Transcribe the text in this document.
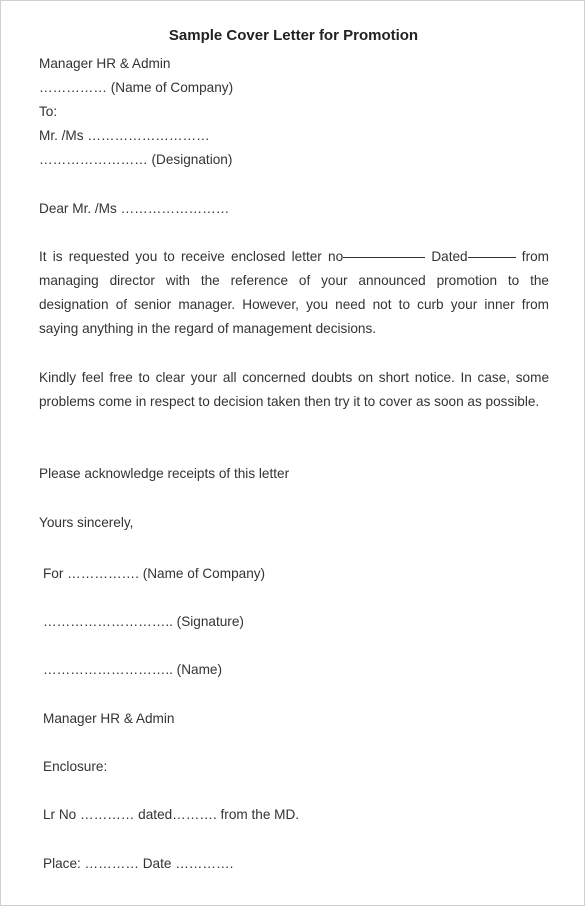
Sample Cover Letter for Promotion
Manager HR & Admin
…………… (Name of Company)
To:
Mr. /Ms ………………………
…………………… (Designation)
Dear Mr. /Ms ……………………
It is requested you to receive enclosed letter no	Dated	from managing director with the reference of your announced promotion to the designation of senior manager. However, you need not to curb your inner from saying anything in the regard of management decisions.
Kindly feel free to clear your all concerned doubts on short notice. In case, some problems come in respect to decision taken then try it to cover as soon as possible.
Please acknowledge receipts of this letter
Yours sincerely,
For ……………. (Name of Company)
……………………….. (Signature)
……………………….. (Name)
Manager HR & Admin
Enclosure:
Lr No ………… dated………. from the MD.
Place: ………… Date ………….
